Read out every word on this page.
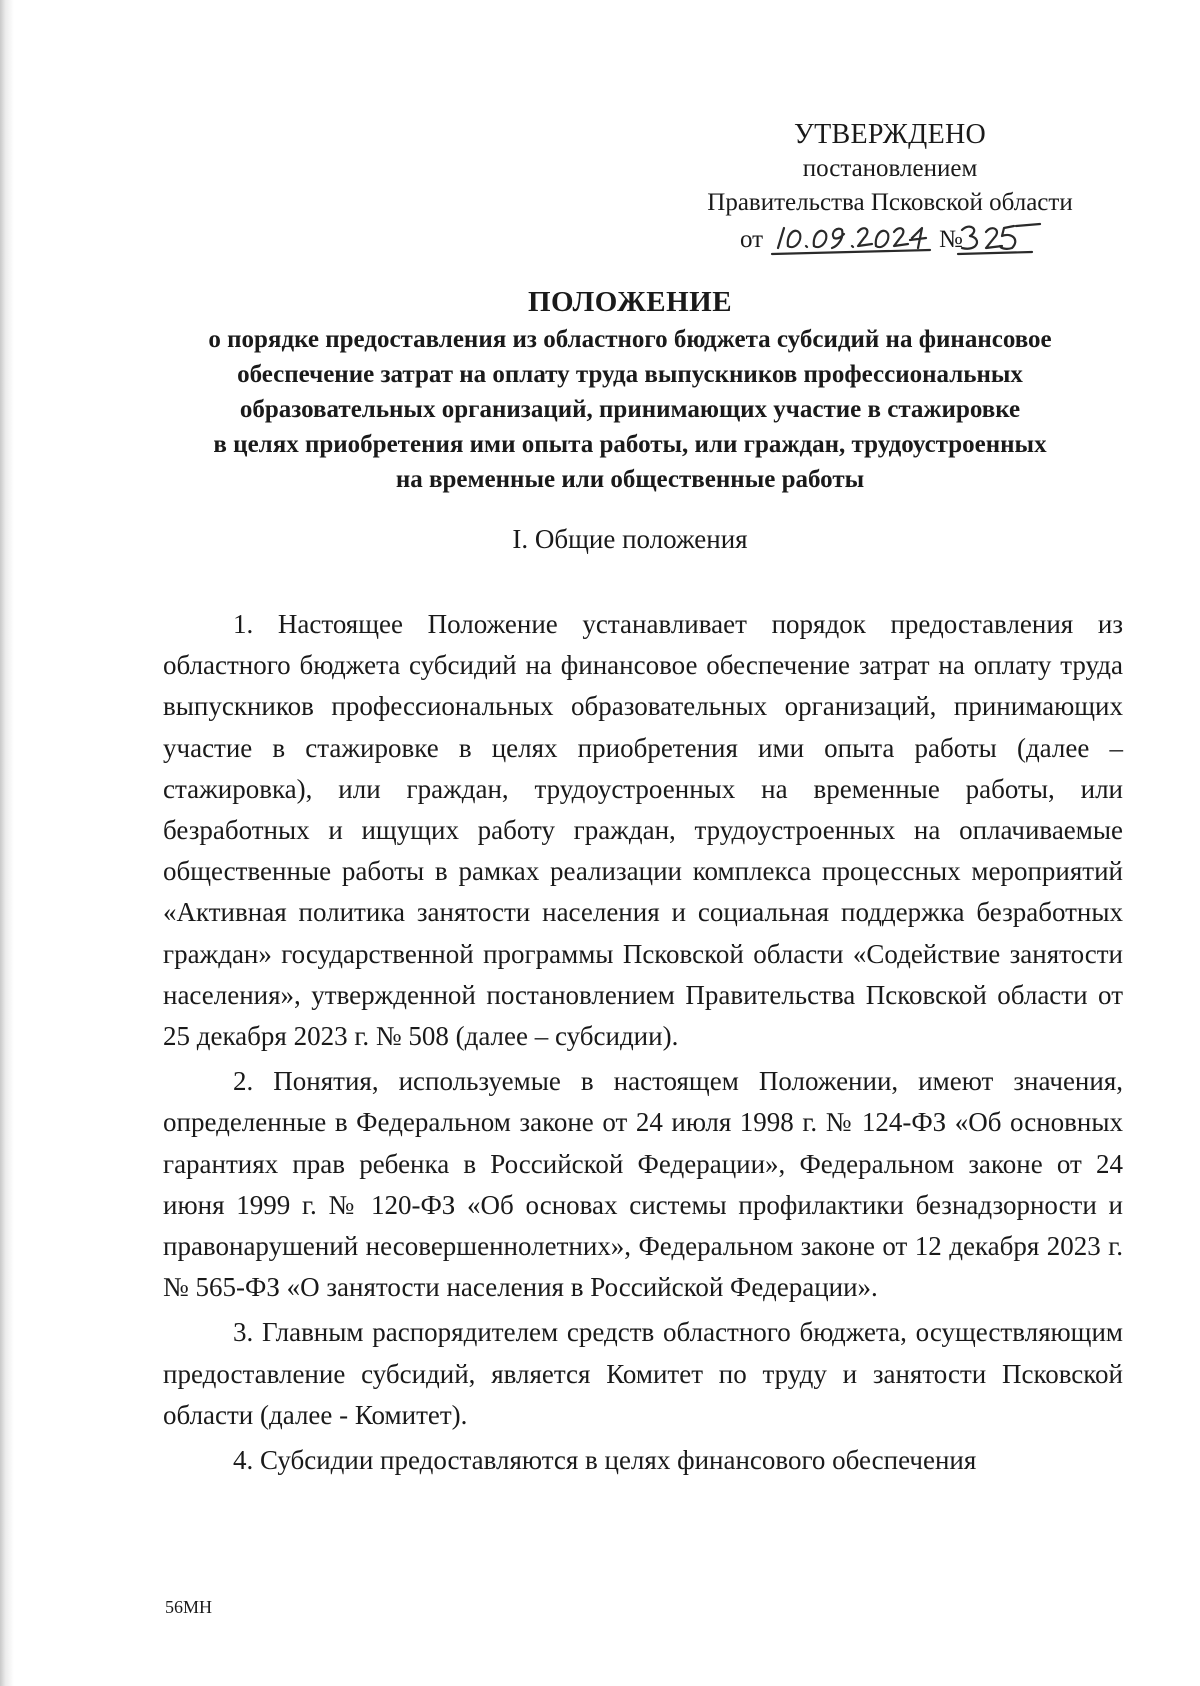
УТВЕРЖДЕНО
постановлением
Правительства Псковской области
от	№
ПОЛОЖЕНИЕ
о порядке предоставления из областного бюджета субсидий на финансовое
обеспечение затрат на оплату труда выпускников профессиональных
образовательных организаций, принимающих участие в стажировке
в целях приобретения ими опыта работы, или граждан, трудоустроенных
на временные или общественные работы
I. Общие положения

1. Настоящее Положение устанавливает порядок предоставления из областного бюджета субсидий на финансовое обеспечение затрат на оплату труда выпускников профессиональных образовательных организаций, принимающих участие в стажировке в целях приобретения ими опыта работы (далее – стажировка), или граждан, трудоустроенных на временные работы, или безработных и ищущих работу граждан, трудоустроенных на оплачиваемые общественные работы в рамках реализации комплекса процессных мероприятий «Активная политика занятости населения и социальная поддержка безработных граждан» государственной программы Псковской области «Содействие занятости населения», утвержденной постановлением Правительства Псковской области от 25 декабря 2023 г. № 508 (далее – субсидии).

2. Понятия, используемые в настоящем Положении, имеют значения, определенные в Федеральном законе от 24 июля 1998 г. № 124-ФЗ «Об основных гарантиях прав ребенка в Российской Федерации», Федеральном законе от 24 июня 1999 г. № 120-ФЗ «Об основах системы профилактики безнадзорности и правонарушений несовершеннолетних», Федеральном законе от 12 декабря 2023 г. № 565-ФЗ «О занятости населения в Российской Федерации».

3. Главным распорядителем средств областного бюджета, осуществляющим предоставление субсидий, является Комитет по труду и занятости Псковской области (далее - Комитет).

4. Субсидии предоставляются в целях финансового обеспечения

56МН
